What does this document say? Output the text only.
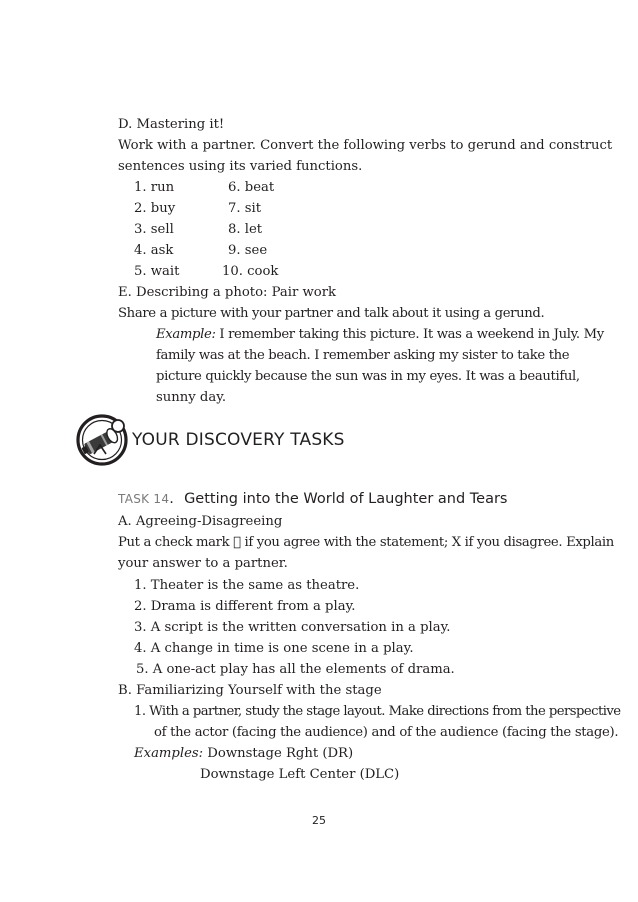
D. Mastering it!
Work with a partner. Convert the following verbs to gerund and construct
sentences using its varied functions.
1. run
2. buy
3. sell
4. ask
5. wait
6. beat
7. sit
8. let
9. see
10. cook
E. Describing a photo: Pair work
Share a picture with your partner and talk about it using a gerund.
Example: I remember taking this picture. It was a weekend in July. My
family was at the beach. I remember asking my sister to take the
picture quickly because the sun was in my eyes. It was a beautiful,
sunny day.
YOUR DISCOVERY TASKS
TASK 14. Getting into the World of Laughter and Tears
A. Agreeing-Disagreeing
Put a check mark   if you agree with the statement; X if you disagree. Explain
your answer to a partner.
1. Theater is the same as theatre.
2. Drama is different from a play.
3. A script is the written conversation in a play.
4. A change in time is one scene in a play.
5. A one-act play has all the elements of drama.
B. Familiarizing Yourself with the stage
1. With a partner, study the stage layout. Make directions from the perspective
of the actor (facing the audience) and of the audience (facing the stage).
Examples: Downstage Rght (DR)
Downstage Left Center (DLC)
25
